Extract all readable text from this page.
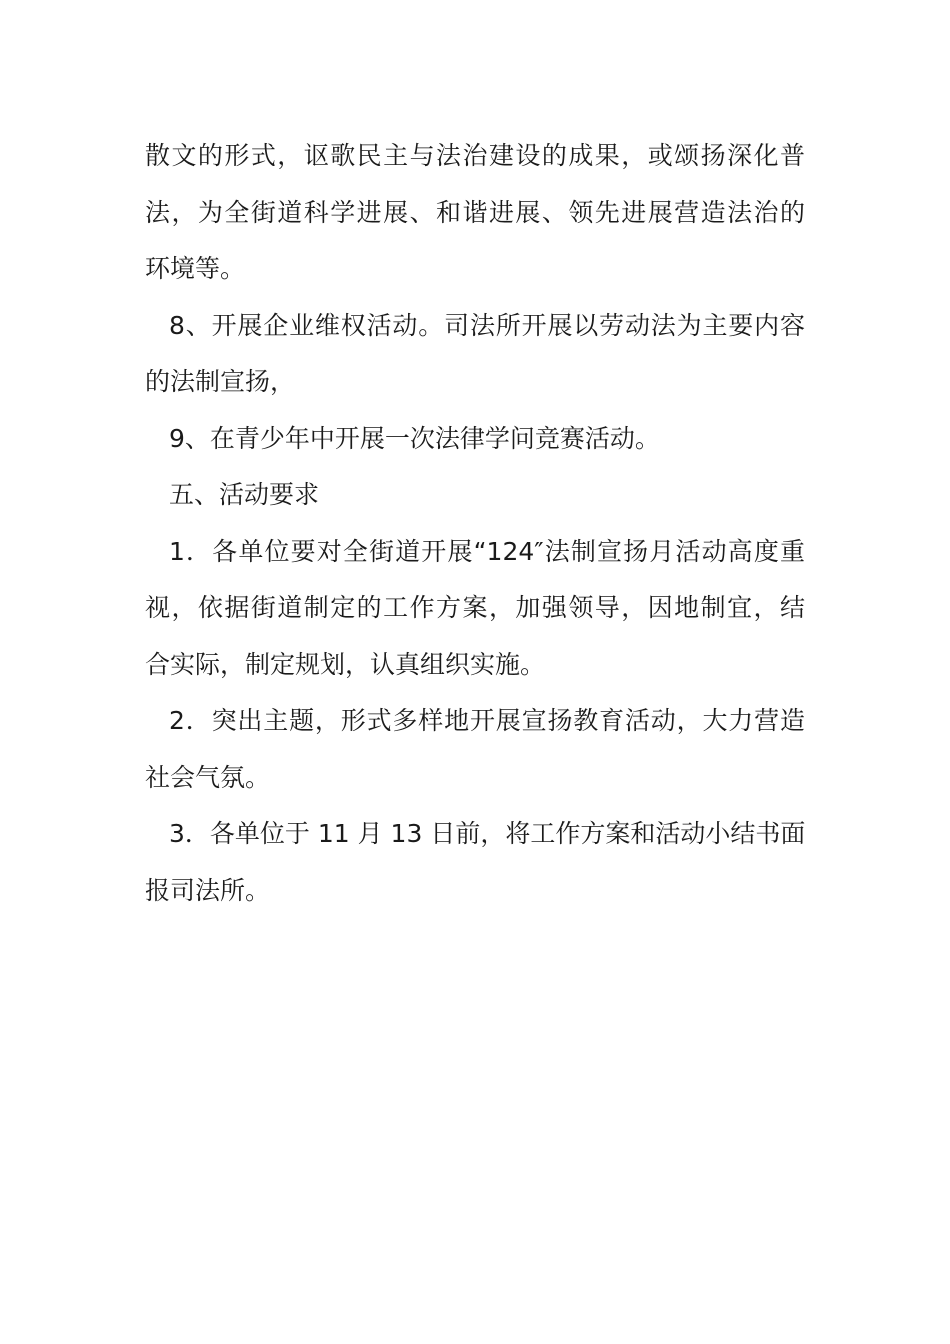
散文的形式，讴歌民主与法治建设的成果，或颂扬深化普
法，为全街道科学进展、和谐进展、领先进展营造法治的
环境等。
8、开展企业维权活动。司法所开展以劳动法为主要内容
的法制宣扬，
9、在青少年中开展一次法律学问竞赛活动。
五、活动要求
1．各单位要对全街道开展“124″法制宣扬月活动高度重
视，依据街道制定的工作方案，加强领导，因地制宜，结
合实际，制定规划，认真组织实施。
2．突出主题，形式多样地开展宣扬教育活动，大力营造
社会气氛。
3．各单位于 11 月 13 日前，将工作方案和活动小结书面
报司法所。
